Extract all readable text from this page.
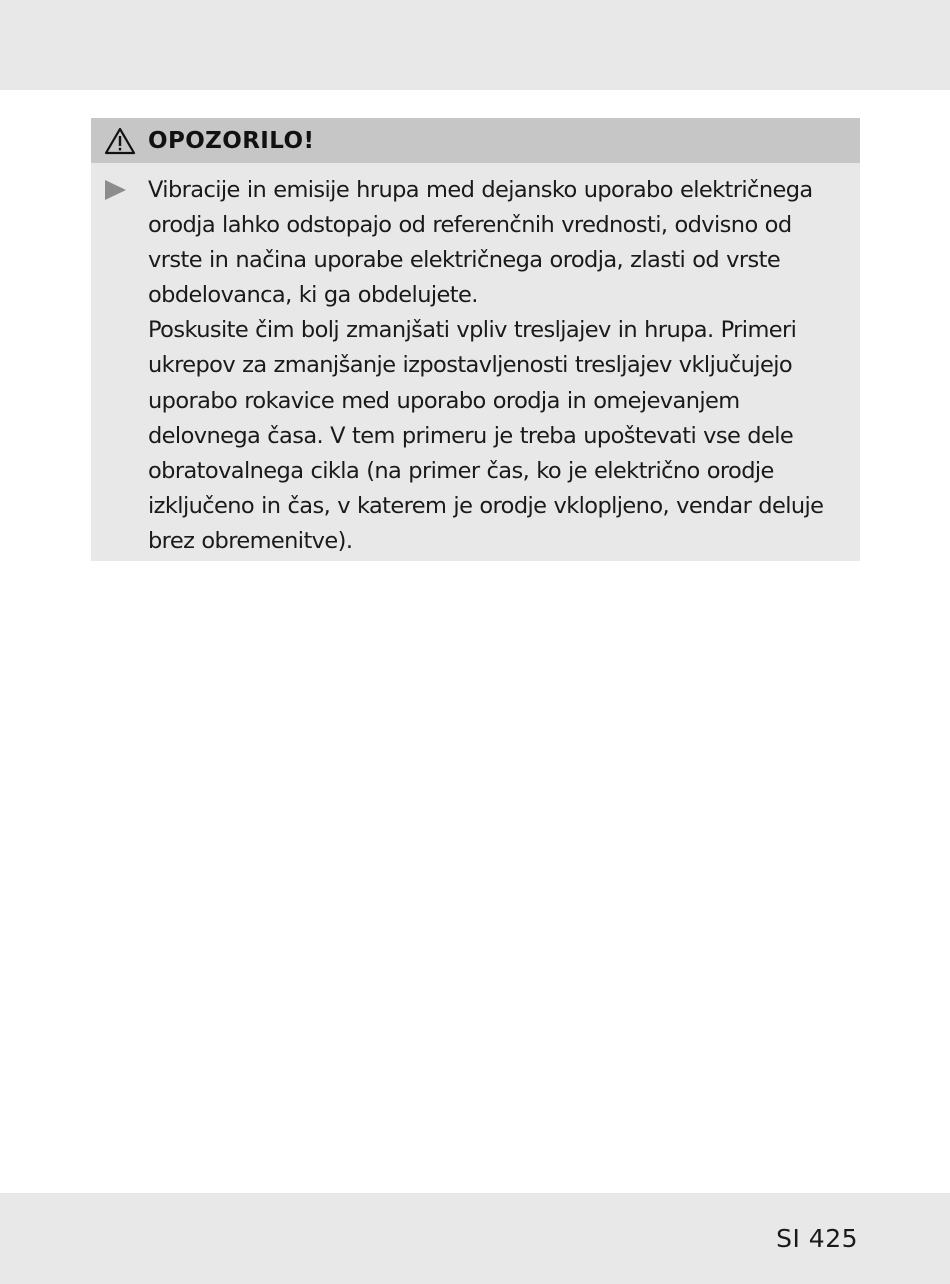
OPOZORILO!

Vibracije in emisije hrupa med dejansko uporabo električnega

orodja lahko odstopajo od referenčnih vrednosti, odvisno od

vrste in načina uporabe električnega orodja, zlasti od vrste

obdelovanca, ki ga obdelujete.

Poskusite čim bolj zmanjšati vpliv tresljajev in hrupa. Primeri

ukrepov za zmanjšanje izpostavljenosti tresljajev vključujejo

uporabo rokavice med uporabo orodja in omejevanjem

delovnega časa. V tem primeru je treba upoštevati vse dele

obratovalnega cikla (na primer čas, ko je električno orodje

izključeno in čas, v katerem je orodje vklopljeno, vendar deluje

brez obremenitve).

SI 425
